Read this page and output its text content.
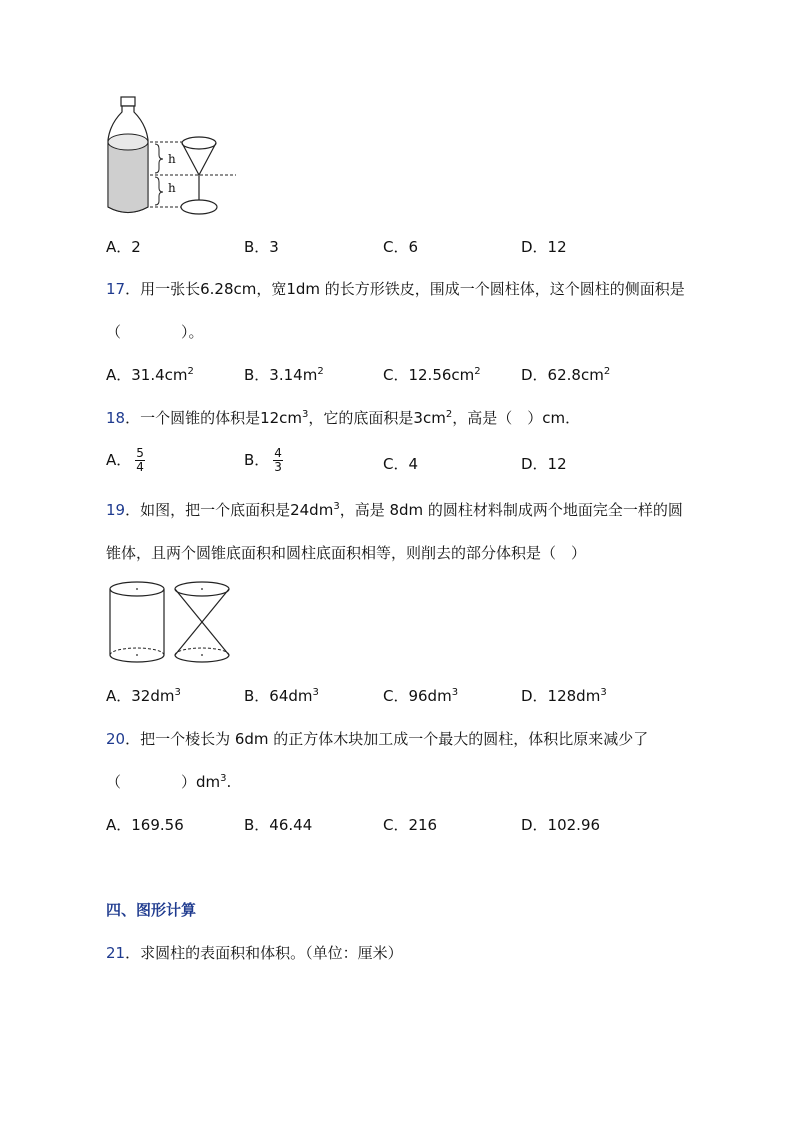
h
h
A．2	B．3	C．6	D．12
17．用一张长6.28cm，宽1dm 的长方形铁皮，围成一个圆柱体，这个圆柱的侧面积是
（　　　　）。
A．$31.4cm^2$	B．$3.14m^2$	C．$12.56cm^2$	D．$62.8cm^2$
18．一个圆锥的体积是$12cm^3$，它的底面积是$3cm^2$，高是（　）cm．
A． $\frac{5}{4}$	B． $\frac{4}{3}$	C．4	D．12
19．如图，把一个底面积是$24dm^3$，高是 8dm 的圆柱材料制成两个地面完全一样的圆
锥体，且两个圆锥底面积和圆柱底面积相等，则削去的部分体积是（　）
A．$32dm^3$	B．$64dm^3$	C．$96dm^3$	D．$128dm^3$
20．把一个棱长为 6dm 的正方体木块加工成一个最大的圆柱，体积比原来减少了
（　　　　）$dm^3$.
A．169.56	B．46.44	C．216	D．102.96
四、图形计算
21．求圆柱的表面积和体积。（单位：厘米）
